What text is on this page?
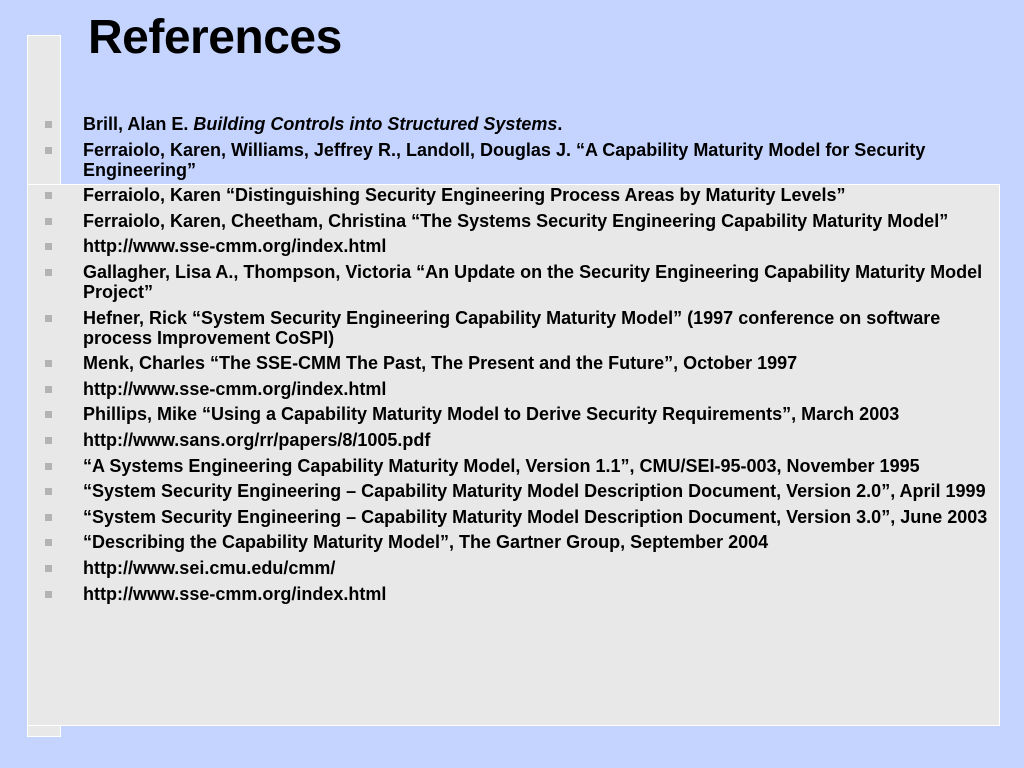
References
Brill, Alan E. Building Controls into Structured Systems.
Ferraiolo, Karen, Williams, Jeffrey R., Landoll, Douglas J. “A Capability Maturity Model for Security Engineering”
Ferraiolo, Karen “Distinguishing Security Engineering Process Areas by Maturity Levels”
Ferraiolo, Karen, Cheetham, Christina “The Systems Security Engineering Capability Maturity Model”
http://www.sse-cmm.org/index.html
Gallagher, Lisa A., Thompson, Victoria “An Update on the Security Engineering Capability Maturity Model Project”
Hefner, Rick “System Security Engineering Capability Maturity Model” (1997 conference on software process Improvement CoSPI)
Menk, Charles “The SSE-CMM The Past, The Present and the Future”, October 1997
http://www.sse-cmm.org/index.html
Phillips, Mike “Using a Capability Maturity Model to Derive Security Requirements”, March 2003
http://www.sans.org/rr/papers/8/1005.pdf
“A Systems Engineering Capability Maturity Model, Version 1.1”, CMU/SEI-95-003, November 1995
“System Security Engineering – Capability Maturity Model Description Document, Version 2.0”, April 1999
“System Security Engineering – Capability Maturity Model Description Document, Version 3.0”, June 2003
“Describing the Capability Maturity Model”, The Gartner Group, September 2004
http://www.sei.cmu.edu/cmm/
http://www.sse-cmm.org/index.html
